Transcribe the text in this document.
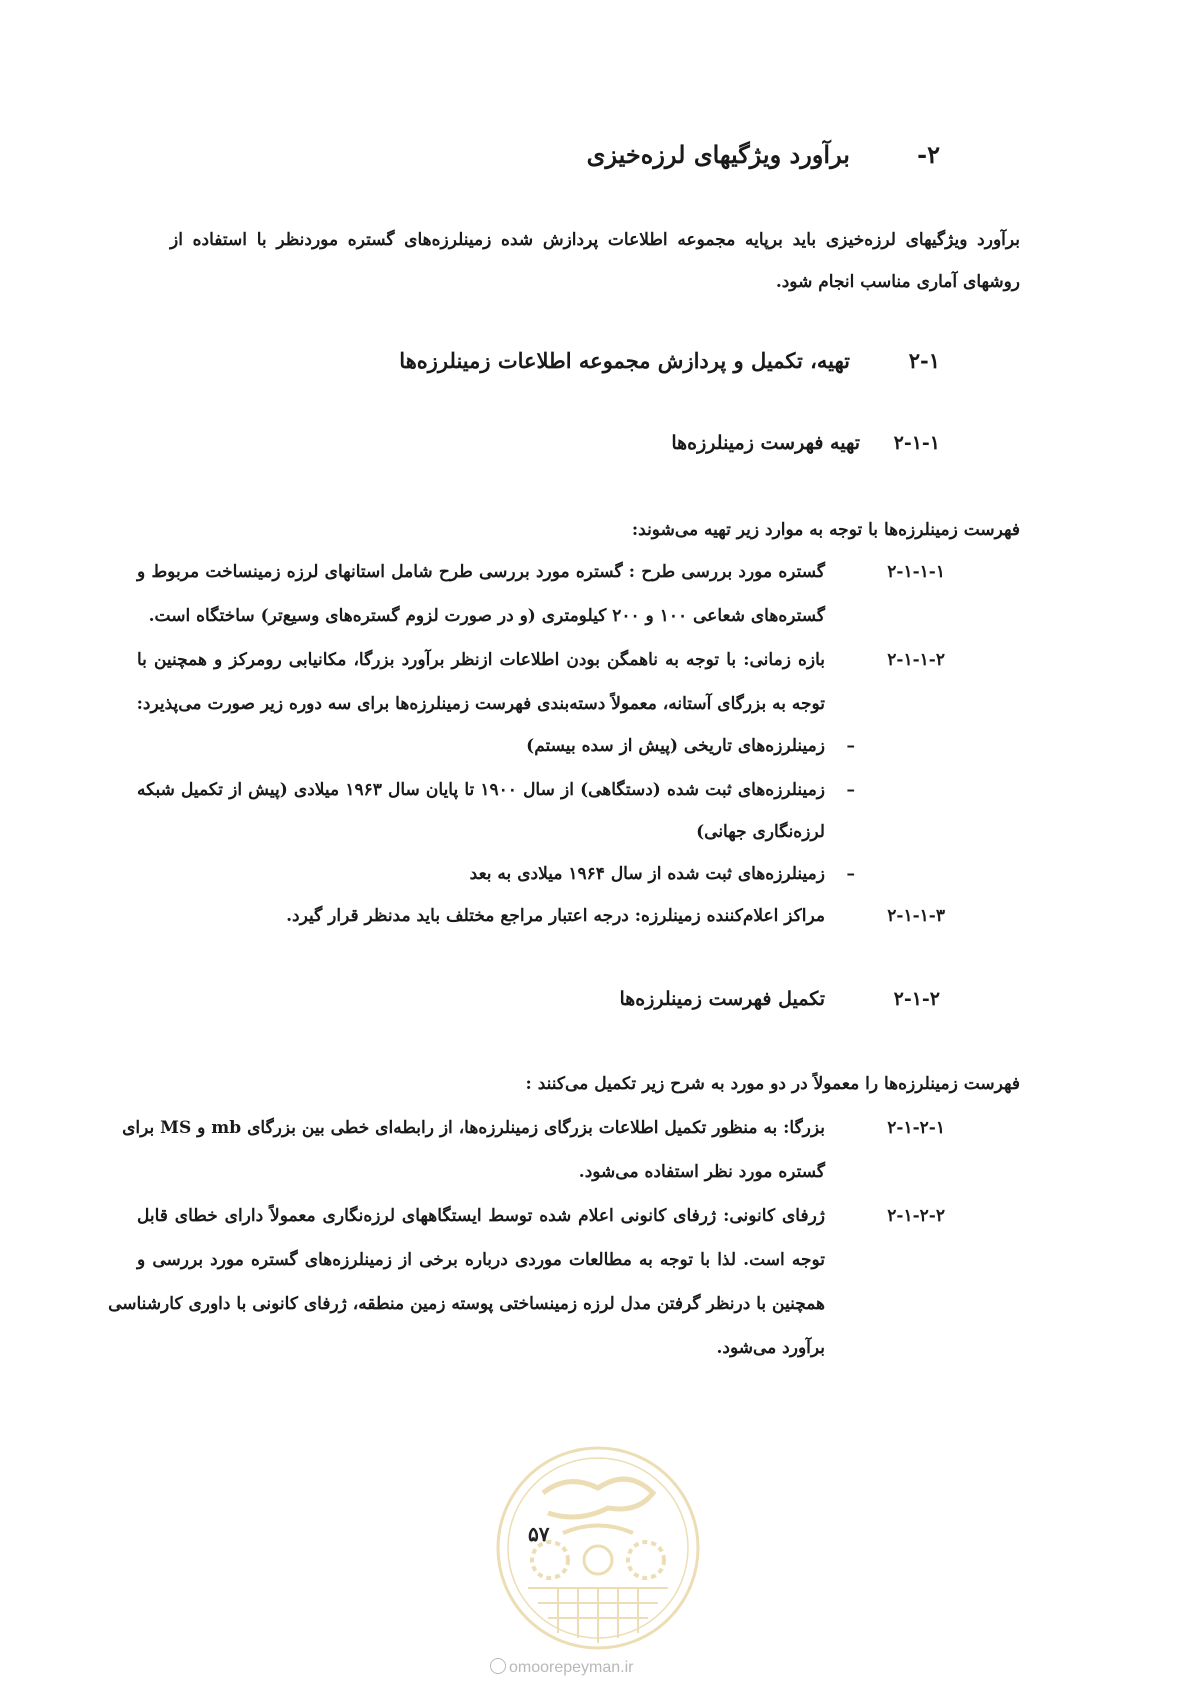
۲-
برآورد ویژگیهای لرزه‌خیزی
برآورد ویژگیهای لرزه‌خیزی باید برپایه مجموعه اطلاعات پردازش شده زمینلرزه‌های گستره موردنظر با استفاده از
روشهای آماری مناسب انجام شود.
۲-۱
تهیه، تکمیل و پردازش مجموعه اطلاعات زمینلرزه‌ها
۲-۱-۱
تهیه فهرست زمینلرزه‌ها
فهرست زمینلرزه‌ها با توجه به موارد زیر تهیه می‌شوند:
۲-۱-۱-۱
گستره مورد بررسی طرح : گستره مورد بررسی طرح شامل استانهای لرزه زمینساخت مربوط و
گستره‌های شعاعی ۱۰۰ و ۲۰۰ کیلومتری (و در صورت لزوم گستره‌های وسیع‌تر) ساختگاه است.
۲-۱-۱-۲
بازه زمانی: با توجه به ناهمگن بودن اطلاعات ازنظر برآورد بزرگا، مکانیابی رومرکز و همچنین با
توجه به بزرگای آستانه، معمولاً دسته‌بندی فهرست زمینلرزه‌ها برای سه دوره زیر صورت می‌پذیرد:
–
زمینلرزه‌های تاریخی (پیش از سده بیستم)
–
زمینلرزه‌های ثبت شده (دستگاهی) از سال ۱۹۰۰ تا پایان سال ۱۹۶۳ میلادی (پیش از تکمیل شبکه
لرزه‌نگاری جهانی)
–
زمینلرزه‌های ثبت شده از سال ۱۹۶۴ میلادی به بعد
۲-۱-۱-۳
مراکز اعلام‌کننده زمینلرزه: درجه اعتبار مراجع مختلف باید مدنظر قرار گیرد.
۲-۱-۲
تکمیل فهرست زمینلرزه‌ها
فهرست زمینلرزه‌ها را معمولاً در دو مورد به شرح زیر تکمیل می‌کنند :
۲-۱-۲-۱
بزرگا: به منظور تکمیل اطلاعات بزرگای زمینلرزه‌ها، از رابطه‌ای خطی بین بزرگای mb و MS برای
گستره مورد نظر استفاده می‌شود.
۲-۱-۲-۲
ژرفای کانونی: ژرفای کانونی اعلام شده توسط ایستگاههای لرزه‌نگاری معمولاً دارای خطای قابل
توجه است. لذا با توجه به مطالعات موردی درباره برخی از زمینلرزه‌های گستره مورد بررسی و
همچنین با درنظر گرفتن مدل لرزه زمینساختی پوسته زمین منطقه، ژرفای کانونی با داوری کارشناسی
برآورد می‌شود.
۵۷
omoorepeyman.ir
